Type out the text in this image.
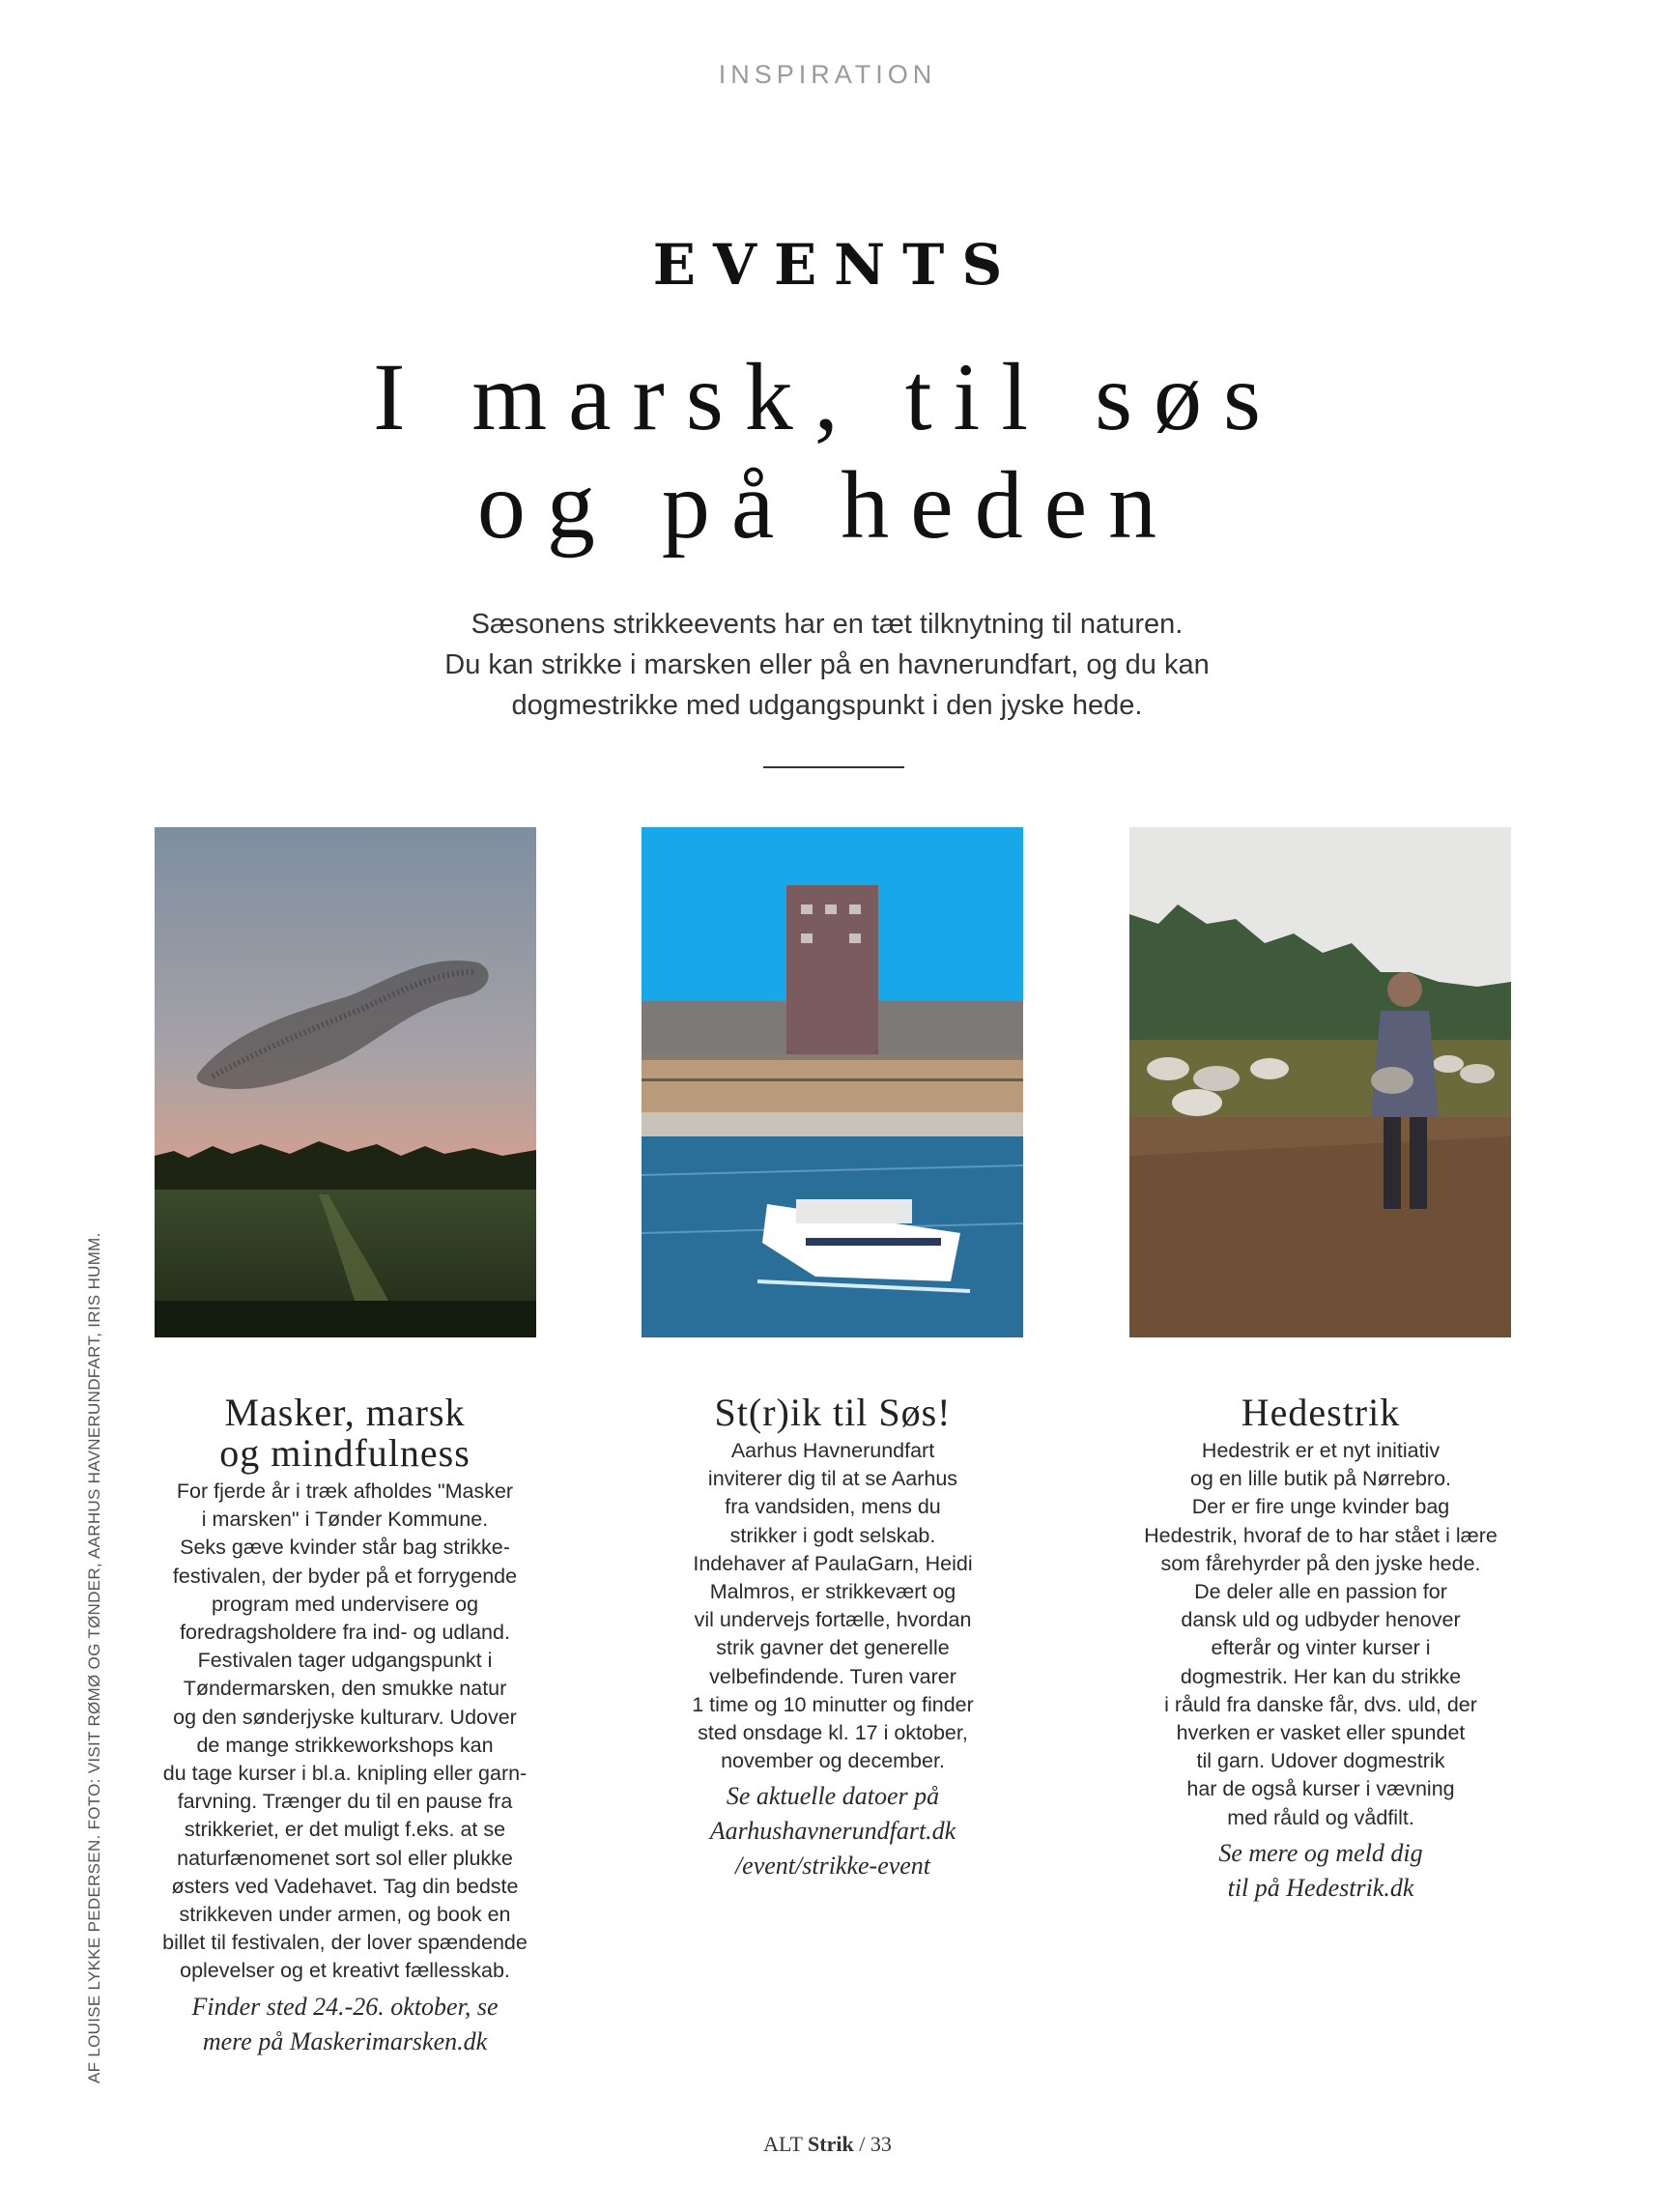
INSPIRATION
EVENTS
I marsk, til søs
og på heden
Sæsonens strikkeevents har en tæt tilknytning til naturen.
Du kan strikke i marsken eller på en havnerundfart, og du kan
dogmestrikke med udgangspunkt i den jyske hede.
Masker, marsk
og mindfulness

For fjerde år i træk afholdes "Masker
i marsken" i Tønder Kommune.
Seks gæve kvinder står bag strikke-
festivalen, der byder på et forrygende
program med undervisere og
foredragsholdere fra ind- og udland.
Festivalen tager udgangspunkt i
Tøndermarsken, den smukke natur
og den sønderjyske kulturarv. Udover
de mange strikkeworkshops kan
du tage kurser i bl.a. knipling eller garn-
farvning. Trænger du til en pause fra
strikkeriet, er det muligt f.eks. at se
naturfænomenet sort sol eller plukke
østers ved Vadehavet. Tag din bedste
strikkeven under armen, og book en
billet til festivalen, der lover spændende
oplevelser og et kreativt fællesskab.

Finder sted 24.-26. oktober, se
mere på Maskerimarsken.dk

St(r)ik til Søs!

Aarhus Havnerundfart
inviterer dig til at se Aarhus
fra vandsiden, mens du
strikker i godt selskab.
Indehaver af PaulaGarn, Heidi
Malmros, er strikkevært og
vil undervejs fortælle, hvordan
strik gavner det generelle
velbefindende. Turen varer
1 time og 10 minutter og finder
sted onsdage kl. 17 i oktober,
november og december.

Se aktuelle datoer på
Aarhushavnerundfart.dk
/event/strikke-event

Hedestrik

Hedestrik er et nyt initiativ
og en lille butik på Nørrebro.
Der er fire unge kvinder bag
Hedestrik, hvoraf de to har stået i lære
som fårehyrder på den jyske hede.
De deler alle en passion for
dansk uld og udbyder henover
efterår og vinter kurser i
dogmestrik. Her kan du strikke
i råuld fra danske får, dvs. uld, der
hverken er vasket eller spundet
til garn. Udover dogmestrik
har de også kurser i vævning
med råuld og vådfilt.

Se mere og meld dig
til på Hedestrik.dk

AF LOUISE LYKKE PEDERSEN. FOTO: VISIT RØMØ OG TØNDER, AARHUS HAVNERUNDFART, IRIS HUMM.
ALT Strik / 33
